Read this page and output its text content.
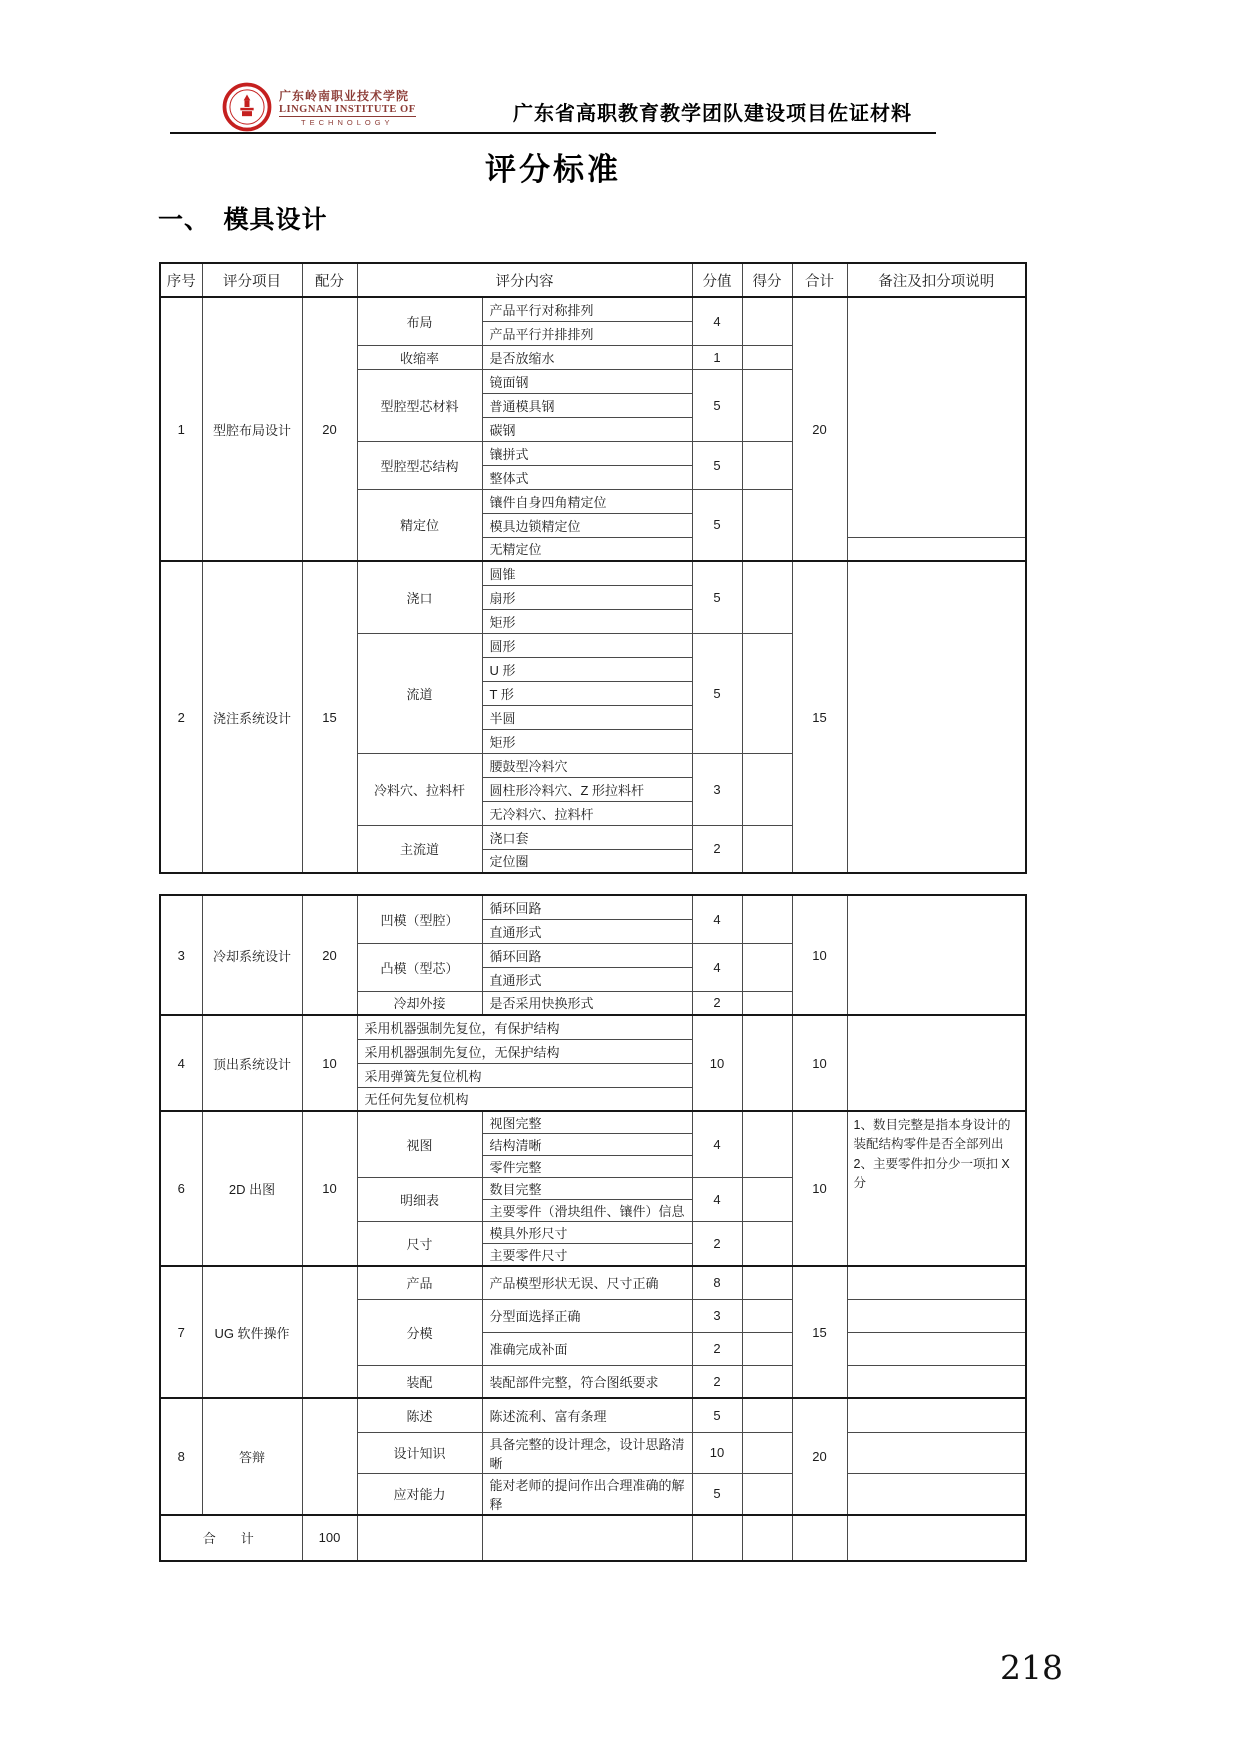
广东岭南职业技术学院
LINGNAN INSTITUTE OF
TECHNOLOGY	广东省高职教育教学团队建设项目佐证材料
评分标准
一、　模具设计
序号	评分项目	配分	评分内容		分值	得分	合计	备注及扣分项说明
1	型腔布局设计	20	布局	产品平行对称排列	4		20	
				产品平行并排排列				
			收缩率	是否放缩水	1			
			型腔型芯材料	镜面钢	5			
				普通模具钢				
				碳钢				
			型腔型芯结构	镶拼式	5			
				整体式				
			精定位	镶件自身四角精定位	5			
				模具边锁精定位				
				无精定位				
2	浇注系统设计	15	浇口	圆锥	5		15	
				扇形				
				矩形				
			流道	圆形	5			
				U 形				
				T 形				
				半圆				
				矩形				
			冷料穴、拉料杆	腰鼓型冷料穴	3			
				圆柱形冷料穴、Z 形拉料杆				
				无冷料穴、拉料杆				
			主流道	浇口套	2			
				定位圈				
3	冷却系统设计	20	凹模（型腔）	循环回路	4		10	
				直通形式				
			凸模（型芯）	循环回路	4			
				直通形式				
			冷却外接	是否采用快换形式	2			
4	顶出系统设计	10	采用机器强制先复位，有保护结构		10		10	
			采用机器强制先复位，无保护结构					
			采用弹簧先复位机构					
			无任何先复位机构					
6	2D 出图	10	视图	视图完整	4		10	1、数目完整是指本身设计的装配结构零件是否全部列出
2、主要零件扣分少一项扣 X 分

				结构清晰				
				零件完整				
			明细表	数目完整	4			
				主要零件（滑块组件、镶件）信息				
			尺寸	模具外形尺寸	2			
				主要零件尺寸				
7	UG 软件操作		产品	产品模型形状无误、尺寸正确	8		15	
			分模	分型面选择正确	3			
				准确完成补面	2			
			装配	装配部件完整，符合图纸要求	2			
8	答辩		陈述	陈述流利、富有条理	5		20	
			设计知识	具备完整的设计理念，设计思路清晰	10			
			应对能力	能对老师的提问作出合理准确的解释	5			
合　计		100						
218
